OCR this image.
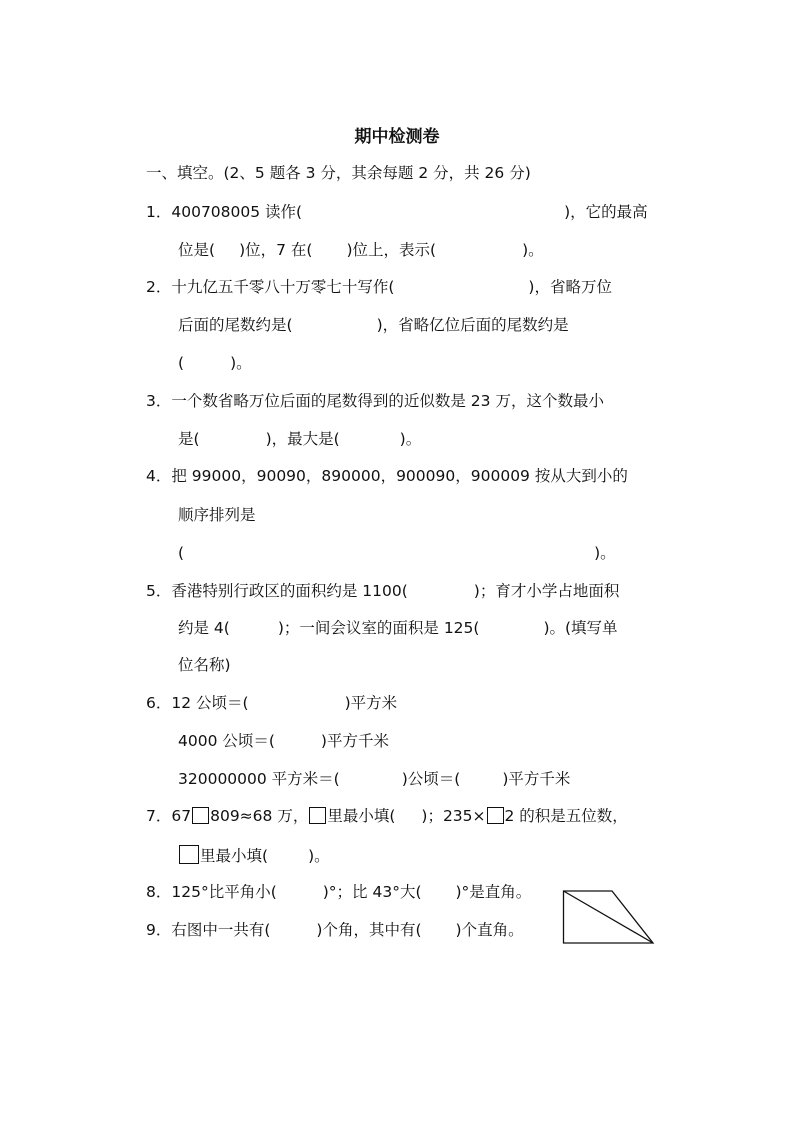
期中检测卷
一、填空。(2、5 题各 3 分，其余每题 2 分，共 26 分)
1．400708005 读作(	)，它的最高
位是( )位，7 在( )位上，表示(	)。
2．十九亿五千零八十万零七十写作(	)，省略万位
后面的尾数约是(	)，省略亿位后面的尾数约是
(	)。
3．一个数省略万位后面的尾数得到的近似数是 23 万，这个数最小
是(	)，最大是(	)。
4．把 99000，90090，890000，900090，900009 按从大到小的
顺序排列是
(	)。
5．香港特别行政区的面积约是 1100(	)；育才小学占地面积
约是 4(	)；一间会议室的面积是 125(	)。(填写单
位名称)
6．12 公顷＝(	)平方米
4000 公顷＝(	)平方千米
320000000 平方米＝(	)公顷＝(	)平方千米
7．67 809≈68 万， 里最小填( )；235× 2 的积是五位数，
里最小填(	)。
8．125°比平角小(	)°；比 43°大( )°是直角。
9．右图中一共有(	)个角，其中有( )个直角。
